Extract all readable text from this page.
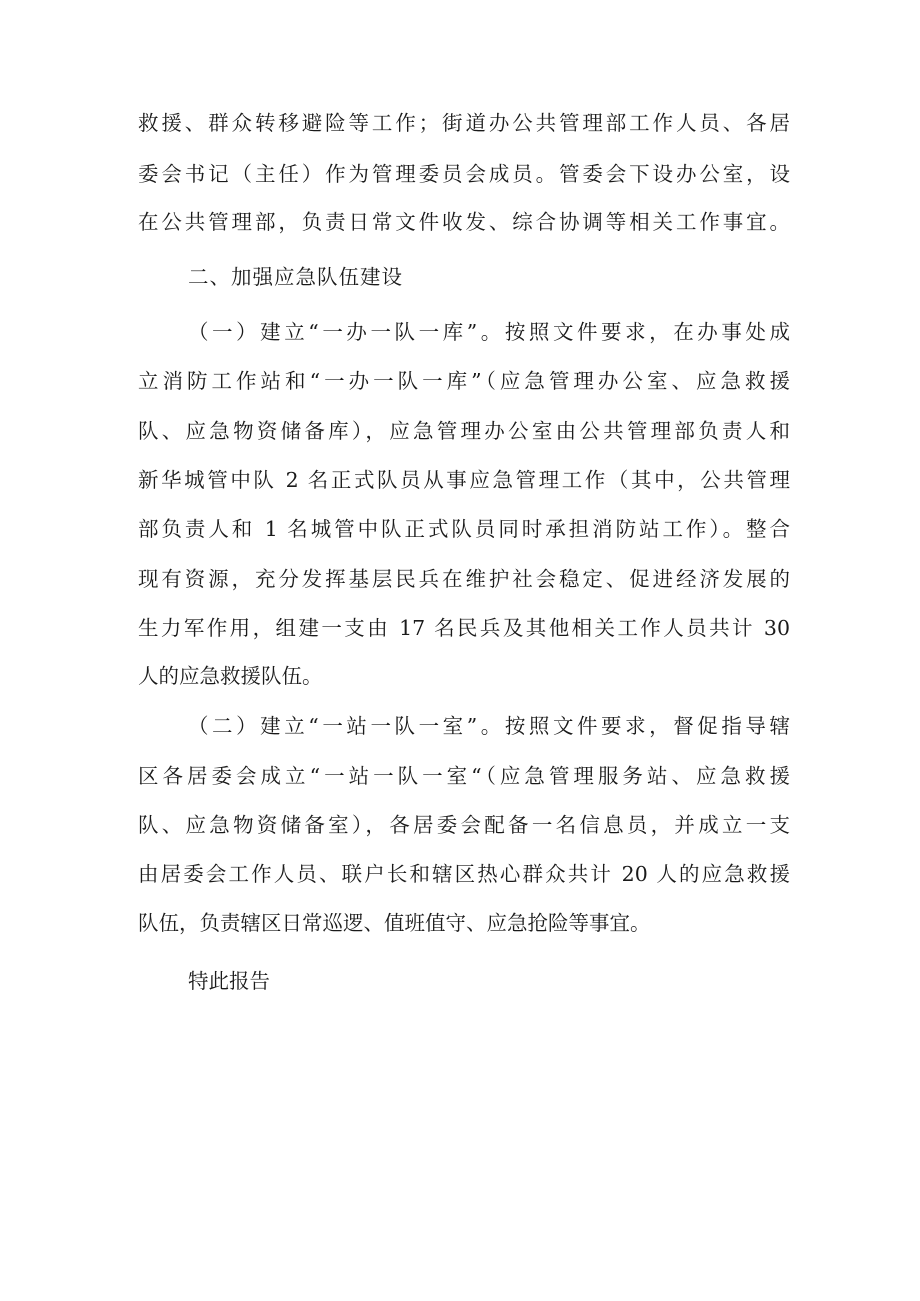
救援、群众转移避险等工作；街道办公共管理部工作人员、各居
委会书记（主任）作为管理委员会成员。管委会下设办公室，设
在公共管理部，负责日常文件收发、综合协调等相关工作事宜。
二、加强应急队伍建设
（一）建立“一办一队一库”。按照文件要求，在办事处成
立消防工作站和“一办一队一库”（应急管理办公室、应急救援
队、应急物资储备库），应急管理办公室由公共管理部负责人和
新华城管中队 2 名正式队员从事应急管理工作（其中，公共管理
部负责人和 1 名城管中队正式队员同时承担消防站工作）。整合
现有资源，充分发挥基层民兵在维护社会稳定、促进经济发展的
生力军作用，组建一支由 17 名民兵及其他相关工作人员共计 30
人的应急救援队伍。
（二）建立“一站一队一室”。按照文件要求，督促指导辖
区各居委会成立“一站一队一室“（应急管理服务站、应急救援
队、应急物资储备室），各居委会配备一名信息员，并成立一支
由居委会工作人员、联户长和辖区热心群众共计 20 人的应急救援
队伍，负责辖区日常巡逻、值班值守、应急抢险等事宜。
特此报告
